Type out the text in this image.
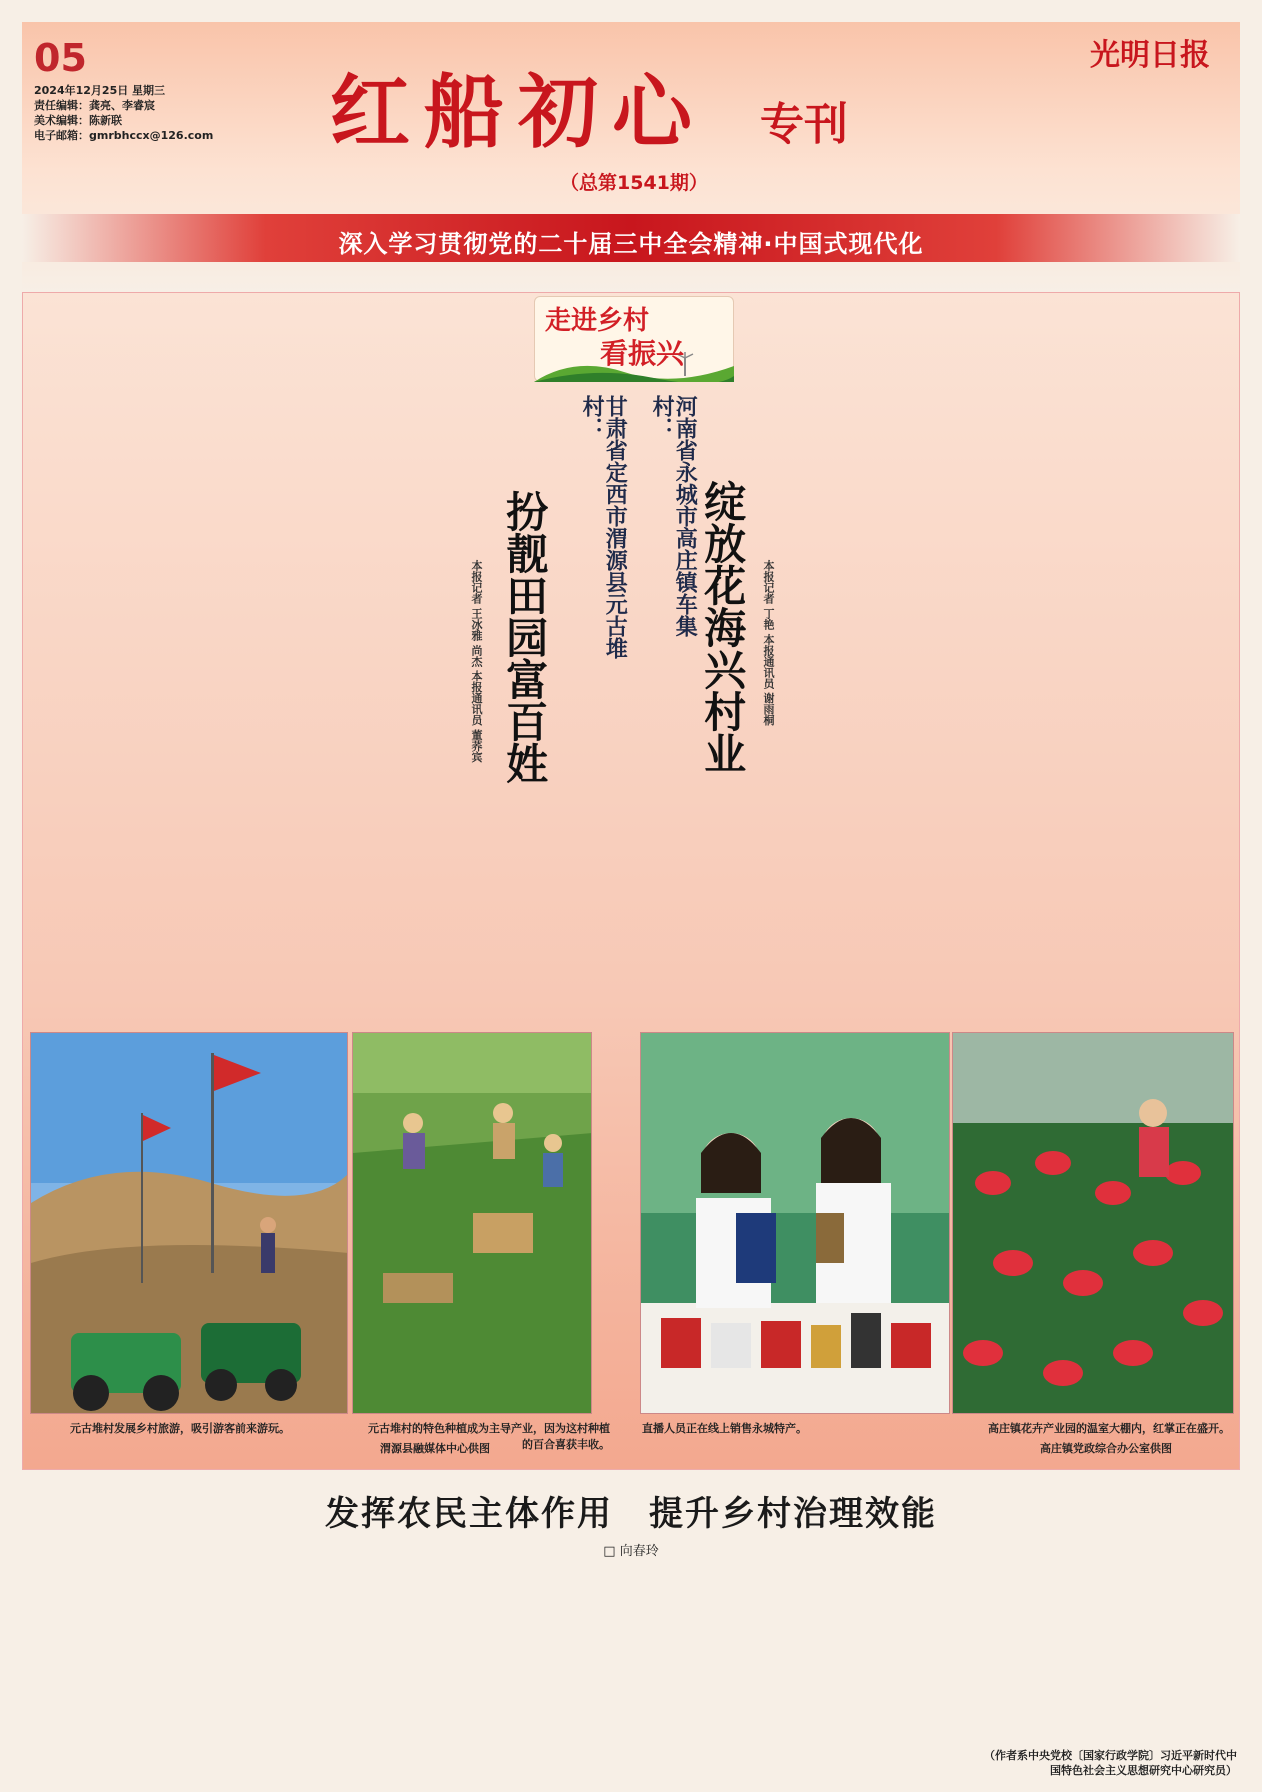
05
2024年12月25日 星期三
责任编辑：龚亮、李睿宸
美术编辑：陈新联
电子邮箱：gmrbhccx@126.com 红船初心 专刊
光明日报
（总第1541期）
深入学习贯彻党的二十届三中全会精神·中国式现代化
走进乡村
看振兴
甘肃省定西市渭源县元古堆村：
扮靓田园富百姓
本报记者 王冰雅 尚杰 本报通讯员 董荞宾
河南省永城市高庄镇车集村：
绽放花海兴村业 本报记者 丁艳 本报通讯员 谢雨桐
元古堆村发展乡村旅游，吸引游客前来游玩。	元古堆村的特色种植成为主导产业，因为这村种植的百合喜获丰收。
渭源县融媒体中心供图
直播人员正在线上销售永城特产。	高庄镇花卉产业园的温室大棚内，红掌正在盛开。
高庄镇党政综合办公室供图
发挥农民主体作用　提升乡村治理效能
□ 向春玲
（作者系中央党校〔国家行政学院〕习近平新时代中国特色社会主义思想研究中心研究员）
